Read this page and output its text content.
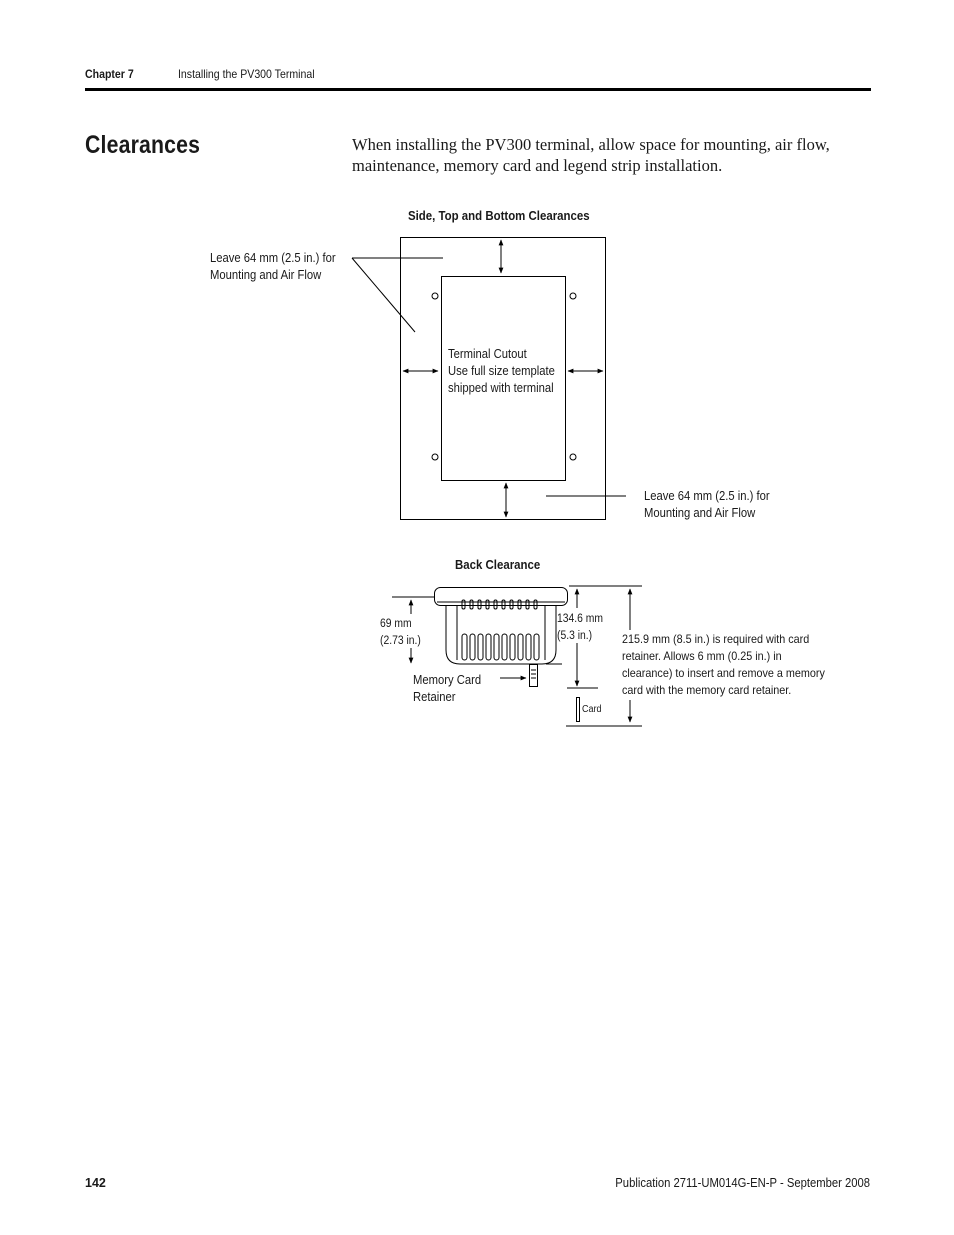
Chapter 7	Installing the PV300 Terminal
Clearances	When installing the PV300 terminal, allow space for mounting, air flow, maintenance, memory card and legend strip installation.
Side, Top and Bottom Clearances
Leave 64 mm (2.5 in.) for
Mounting and Air Flow
Terminal Cutout
Use full size template
shipped with terminal
Leave 64 mm (2.5 in.) for
Mounting and Air Flow
Back Clearance
69 mm
(2.73 in.)
Memory Card
Retainer
134.6 mm
(5.3 in.)
Card
215.9 mm (8.5 in.) is required with card
retainer. Allows 6 mm (0.25 in.) in
clearance) to insert and remove a memory
card with the memory card retainer.
142	Publication 2711-UM014G-EN-P - September 2008
